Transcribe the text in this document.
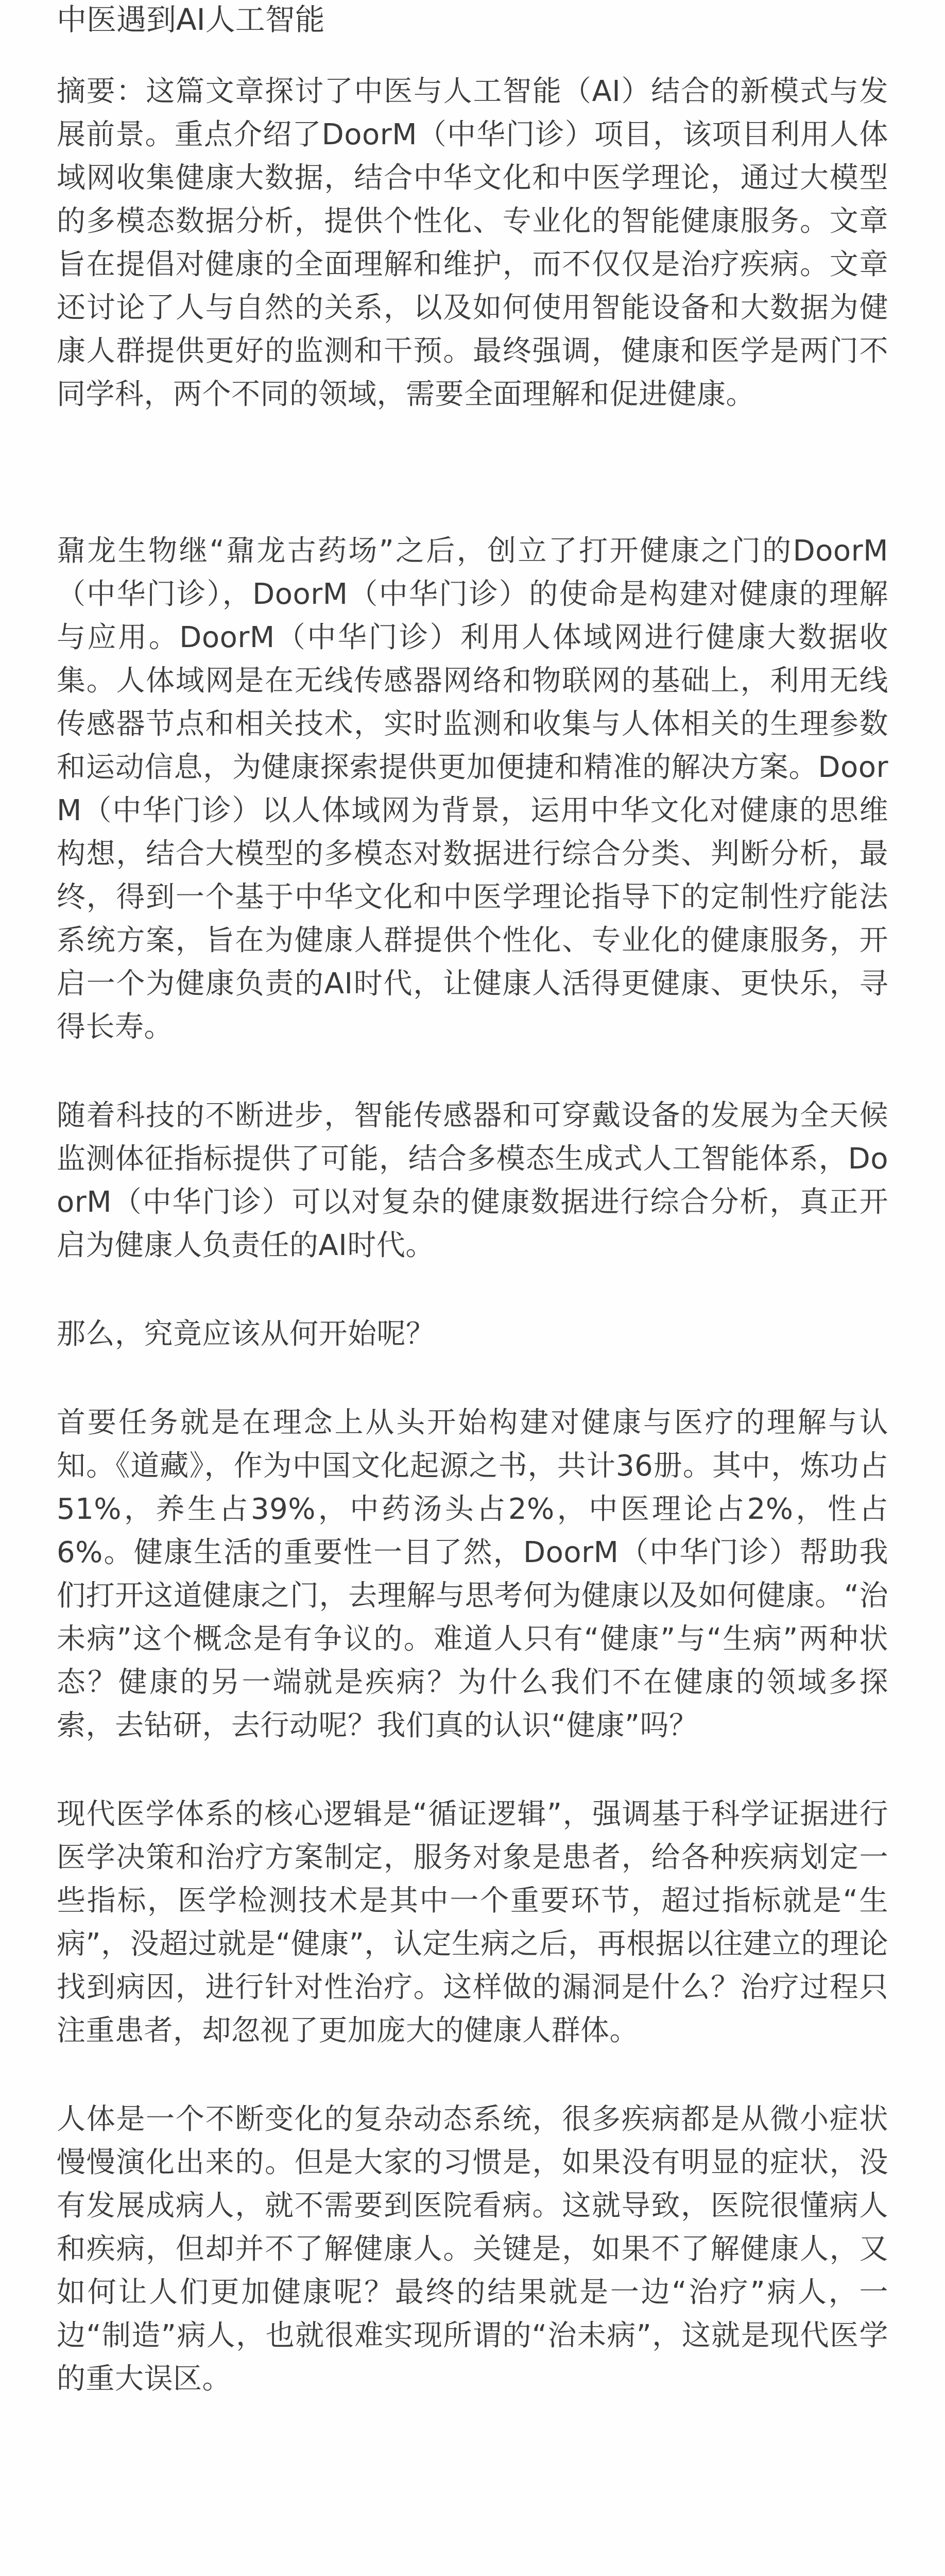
中医遇到AI人工智能

摘要：这篇文章探讨了中医与人工智能（AI）结合的新模式与发展前景。重点介绍了DoorM（中华门诊）项目，该项目利用人体域网收集健康大数据，结合中华文化和中医学理论，通过大模型的多模态数据分析，提供个性化、专业化的智能健康服务。文章旨在提倡对健康的全面理解和维护，而不仅仅是治疗疾病。文章还讨论了人与自然的关系，以及如何使用智能设备和大数据为健康人群提供更好的监测和干预。最终强调，健康和医学是两门不同学科，两个不同的领域，需要全面理解和促进健康。

鼐龙生物继“鼐龙古药场”之后，创立了打开健康之门的DoorM（中华门诊），DoorM（中华门诊）的使命是构建对健康的理解与应用。DoorM（中华门诊）利用人体域网进行健康大数据收集。人体域网是在无线传感器网络和物联网的基础上，利用无线传感器节点和相关技术，实时监测和收集与人体相关的生理参数和运动信息，为健康探索提供更加便捷和精准的解决方案。DoorM（中华门诊）以人体域网为背景，运用中华文化对健康的思维构想，结合大模型的多模态对数据进行综合分类、判断分析，最终，得到一个基于中华文化和中医学理论指导下的定制性疗能法系统方案，旨在为健康人群提供个性化、专业化的健康服务，开启一个为健康负责的AI时代，让健康人活得更健康、更快乐，寻得长寿。

随着科技的不断进步，智能传感器和可穿戴设备的发展为全天候监测体征指标提供了可能，结合多模态生成式人工智能体系，DoorM（中华门诊）可以对复杂的健康数据进行综合分析，真正开启为健康人负责任的AI时代。

那么，究竟应该从何开始呢？

首要任务就是在理念上从头开始构建对健康与医疗的理解与认知。《道藏》，作为中国文化起源之书，共计36册。其中，炼功占51%，养生占39%，中药汤头占2%，中医理论占2%，性占6%。健康生活的重要性一目了然，DoorM（中华门诊）帮助我们打开这道健康之门，去理解与思考何为健康以及如何健康。“治未病”这个概念是有争议的。难道人只有“健康”与“生病”两种状态？健康的另一端就是疾病？为什么我们不在健康的领域多探索，去钻研，去行动呢？我们真的认识“健康”吗？

现代医学体系的核心逻辑是“循证逻辑”，强调基于科学证据进行医学决策和治疗方案制定，服务对象是患者，给各种疾病划定一些指标，医学检测技术是其中一个重要环节，超过指标就是“生病”，没超过就是“健康”，认定生病之后，再根据以往建立的理论找到病因，进行针对性治疗。这样做的漏洞是什么？治疗过程只注重患者，却忽视了更加庞大的健康人群体。

人体是一个不断变化的复杂动态系统，很多疾病都是从微小症状慢慢演化出来的。但是大家的习惯是，如果没有明显的症状，没有发展成病人，就不需要到医院看病。这就导致，医院很懂病人和疾病，但却并不了解健康人。关键是，如果不了解健康人，又如何让人们更加健康呢？最终的结果就是一边“治疗”病人，一边“制造”病人，也就很难实现所谓的“治未病”，这就是现代医学的重大误区。
